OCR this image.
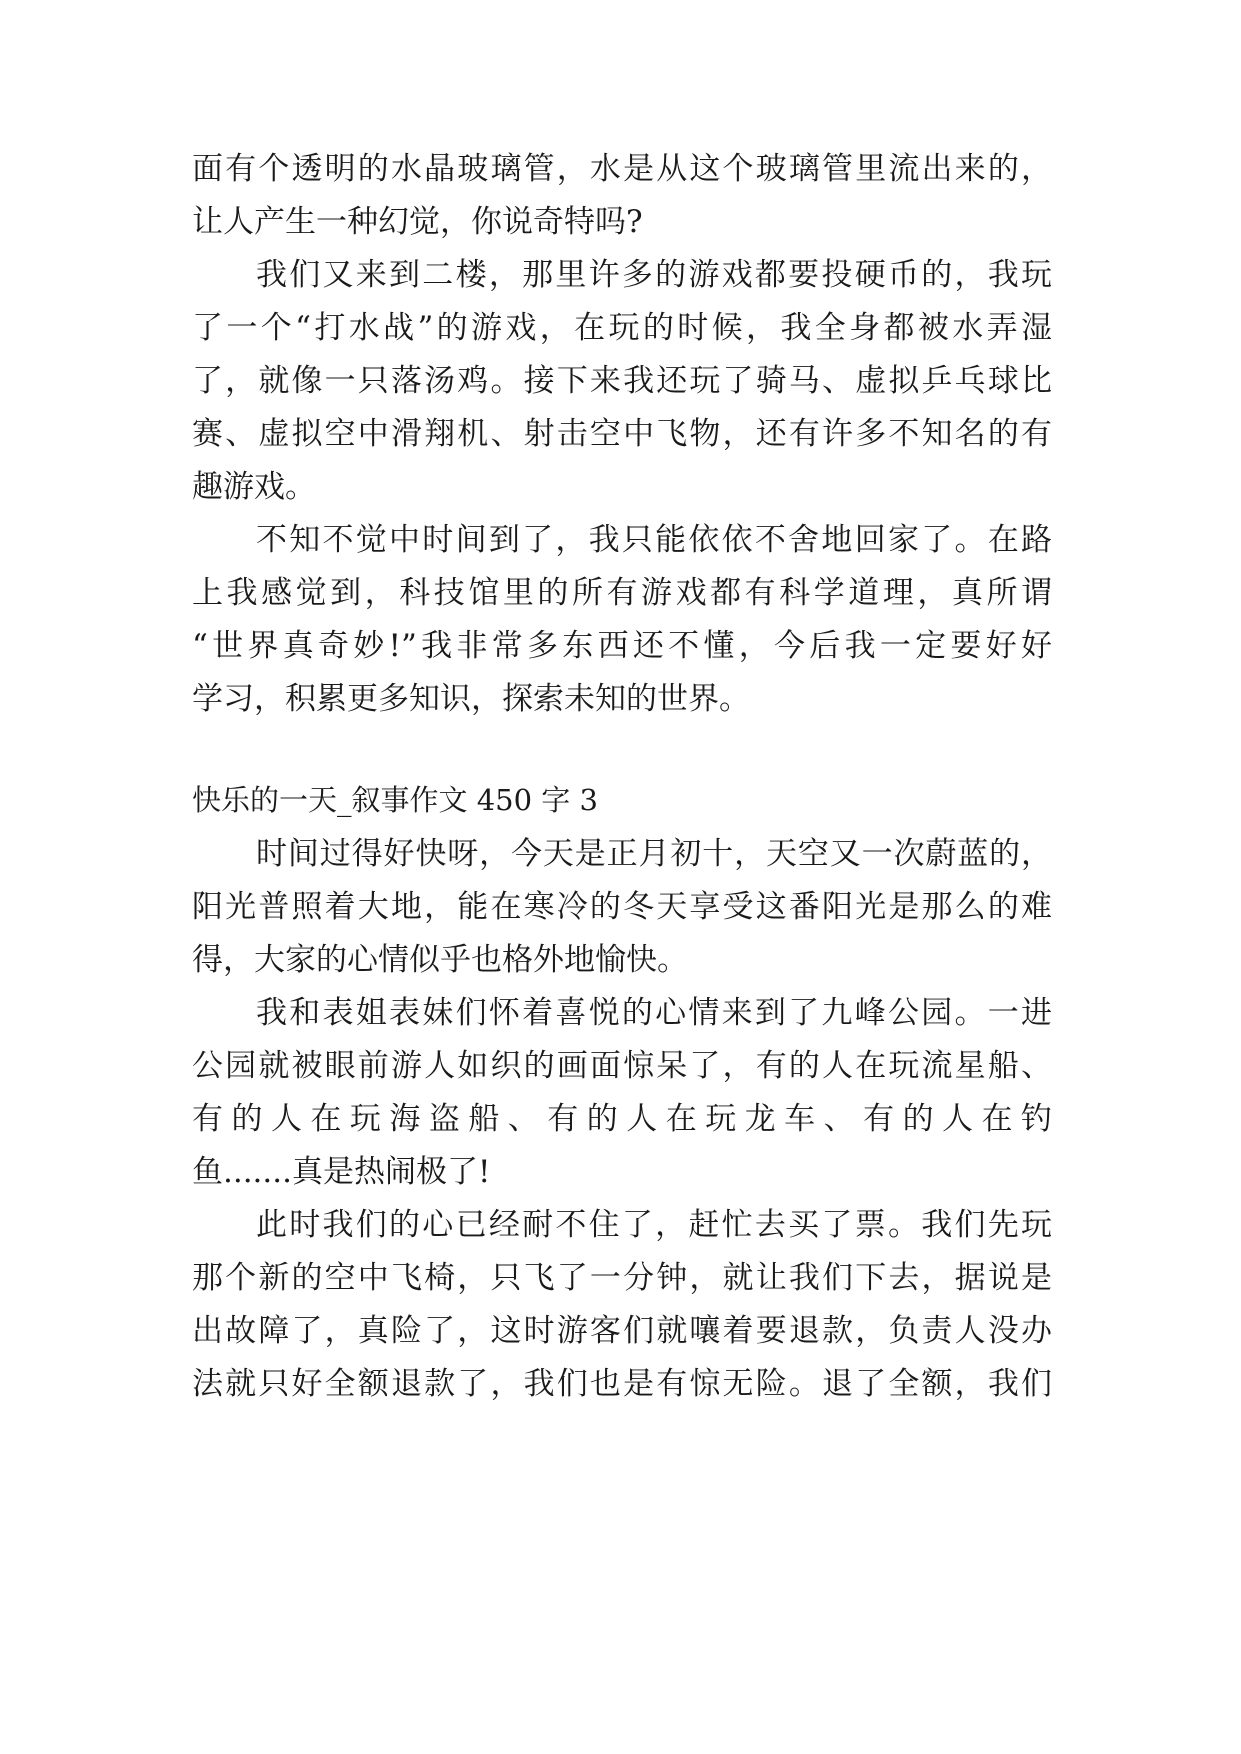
面有个透明的水晶玻璃管，水是从这个玻璃管里流出来的，
让人产生一种幻觉，你说奇特吗?
我们又来到二楼，那里许多的游戏都要投硬币的，我玩
了一个“打水战”的游戏，在玩的时候，我全身都被水弄湿
了，就像一只落汤鸡。接下来我还玩了骑马、虚拟乒乓球比
赛、虚拟空中滑翔机、射击空中飞物，还有许多不知名的有
趣游戏。
不知不觉中时间到了，我只能依依不舍地回家了。在路
上我感觉到，科技馆里的所有游戏都有科学道理，真所谓
“世界真奇妙!”我非常多东西还不懂，今后我一定要好好
学习，积累更多知识，探索未知的世界。
快乐的一天_叙事作文 450 字 3
时间过得好快呀，今天是正月初十，天空又一次蔚蓝的，
阳光普照着大地，能在寒冷的冬天享受这番阳光是那么的难
得，大家的心情似乎也格外地愉快。
我和表姐表妹们怀着喜悦的心情来到了九峰公园。一进
公园就被眼前游人如织的画面惊呆了，有的人在玩流星船、
有的人在玩海盗船、有的人在玩龙车、有的人在钓
鱼.......真是热闹极了!
此时我们的心已经耐不住了，赶忙去买了票。我们先玩
那个新的空中飞椅，只飞了一分钟，就让我们下去，据说是
出故障了，真险了，这时游客们就嚷着要退款，负责人没办
法就只好全额退款了，我们也是有惊无险。退了全额，我们
